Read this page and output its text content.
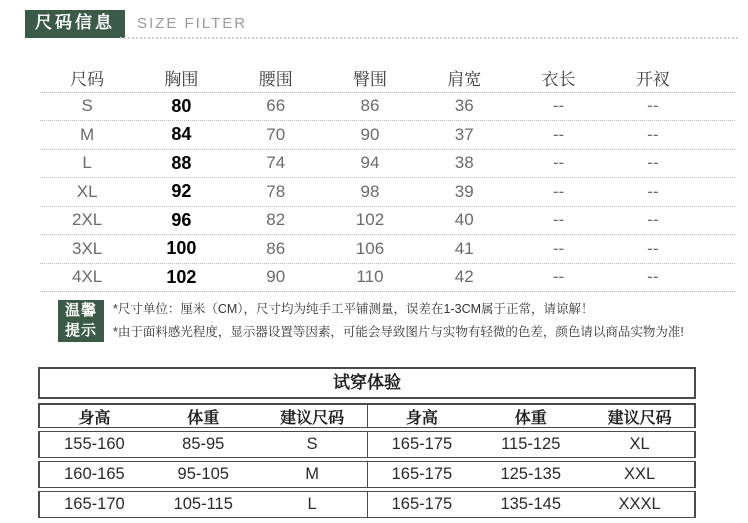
尺码信息	SIZE FILTER
尺码	胸围	腰围	臀围	肩宽	衣长	开衩
S	80	66	86	36	--	--
M	84	70	90	37	--	--
L	88	74	94	38	--	--
XL	92	78	98	39	--	--
2XL	96	82	102	40	--	--
3XL	100	86	106	41	--	--
4XL	102	90	110	42	--	--
温馨
提示
*尺寸单位：厘米（CM），尺寸均为纯手工平铺测量，误差在1-3CM属于正常，请谅解！
*由于面料感光程度，显示器设置等因素，可能会导致图片与实物有轻微的色差，颜色请以商品实物为准!
试穿体验
身高	体重	建议尺码	身高	体重	建议尺码
155-160	85-95	S	165-175	115-125	XL
160-165	95-105	M	165-175	125-135	XXL
165-170	105-115	L	165-175	135-145	XXXL
